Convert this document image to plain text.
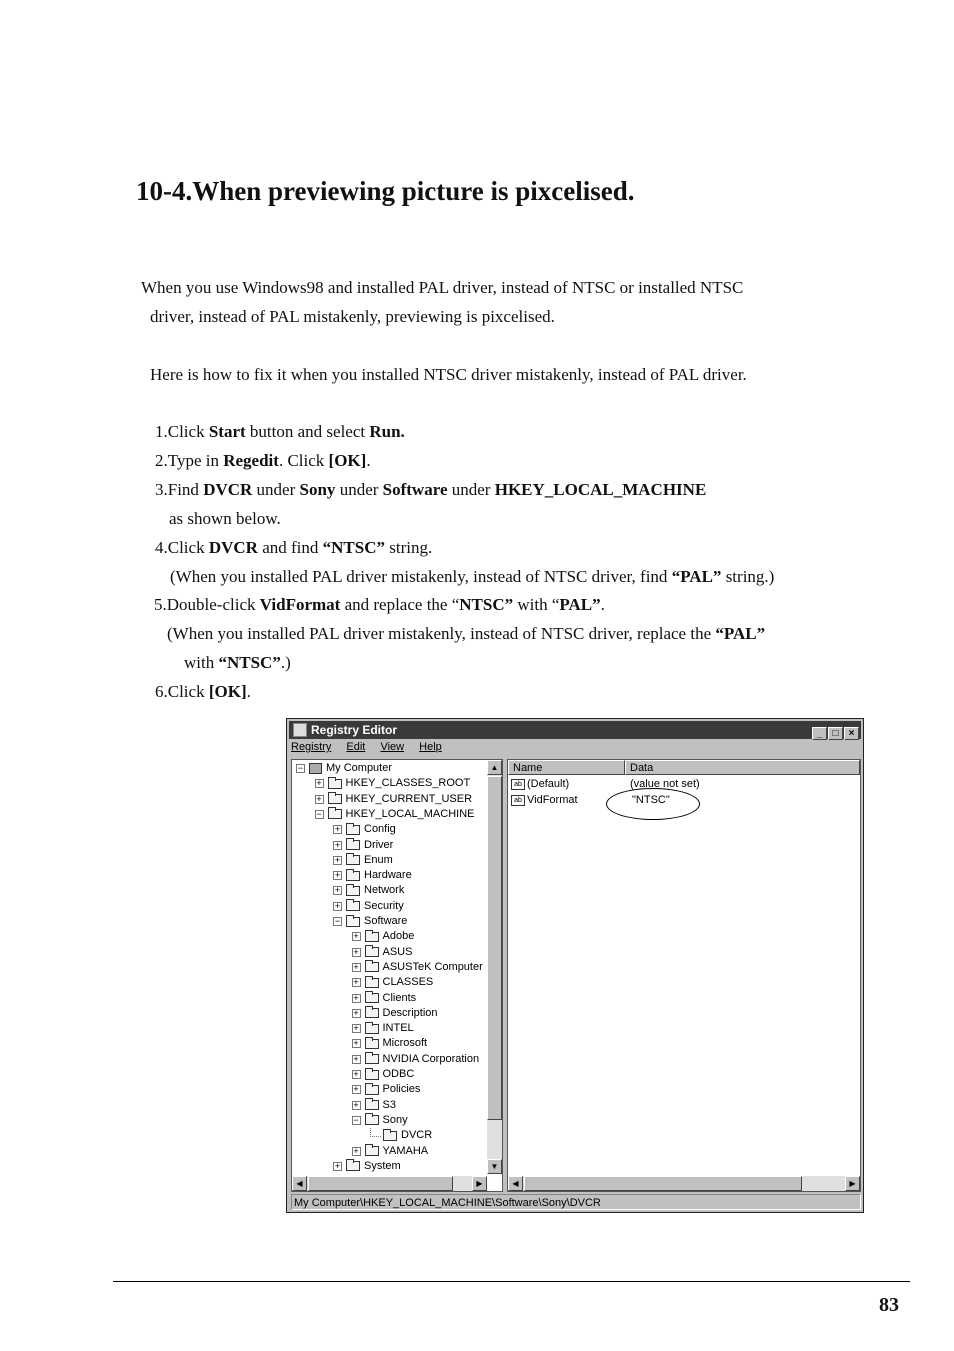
10-4.When previewing picture is pixcelised.

When you use Windows98 and installed PAL driver, instead of NTSC or installed NTSC

driver, instead of PAL mistakenly, previewing is pixcelised.

Here is how to fix it when you installed NTSC driver mistakenly, instead of PAL driver.

1.Click Start button and select Run.

2.Type in Regedit. Click [OK].

3.Find DVCR under Sony under Software under HKEY_LOCAL_MACHINE

as shown below.

4.Click DVCR and find “NTSC” string.

(When you installed PAL driver mistakenly, instead of NTSC driver, find “PAL” string.)

5.Double-click VidFormat and replace the “NTSC” with “PAL”.

(When you installed PAL driver mistakenly, instead of NTSC driver, replace the “PAL”

with “NTSC”.)

6.Click [OK].

Registry Editor	_ □ ×
Registry Edit View Help
▲
▼
◀	▶
− My Computer
+ HKEY_CLASSES_ROOT
+ HKEY_CURRENT_USER
− HKEY_LOCAL_MACHINE
+ Config
+ Driver
+ Enum
+ Hardware
+ Network
+ Security
− Software
+ Adobe
+ ASUS
+ ASUSTeK Computer
+ CLASSES
+ Clients
+ Description
+ INTEL
+ Microsoft
+ NVIDIA Corporation
+ ODBC
+ Policies
+ S3
− Sony
DVCR
+ YAMAHA
+ System
Name	Data
ab (Default)	(value not set)
ab VidFormat	"NTSC"
◀	▶
My Computer\HKEY_LOCAL_MACHINE\Software\Sony\DVCR
83
